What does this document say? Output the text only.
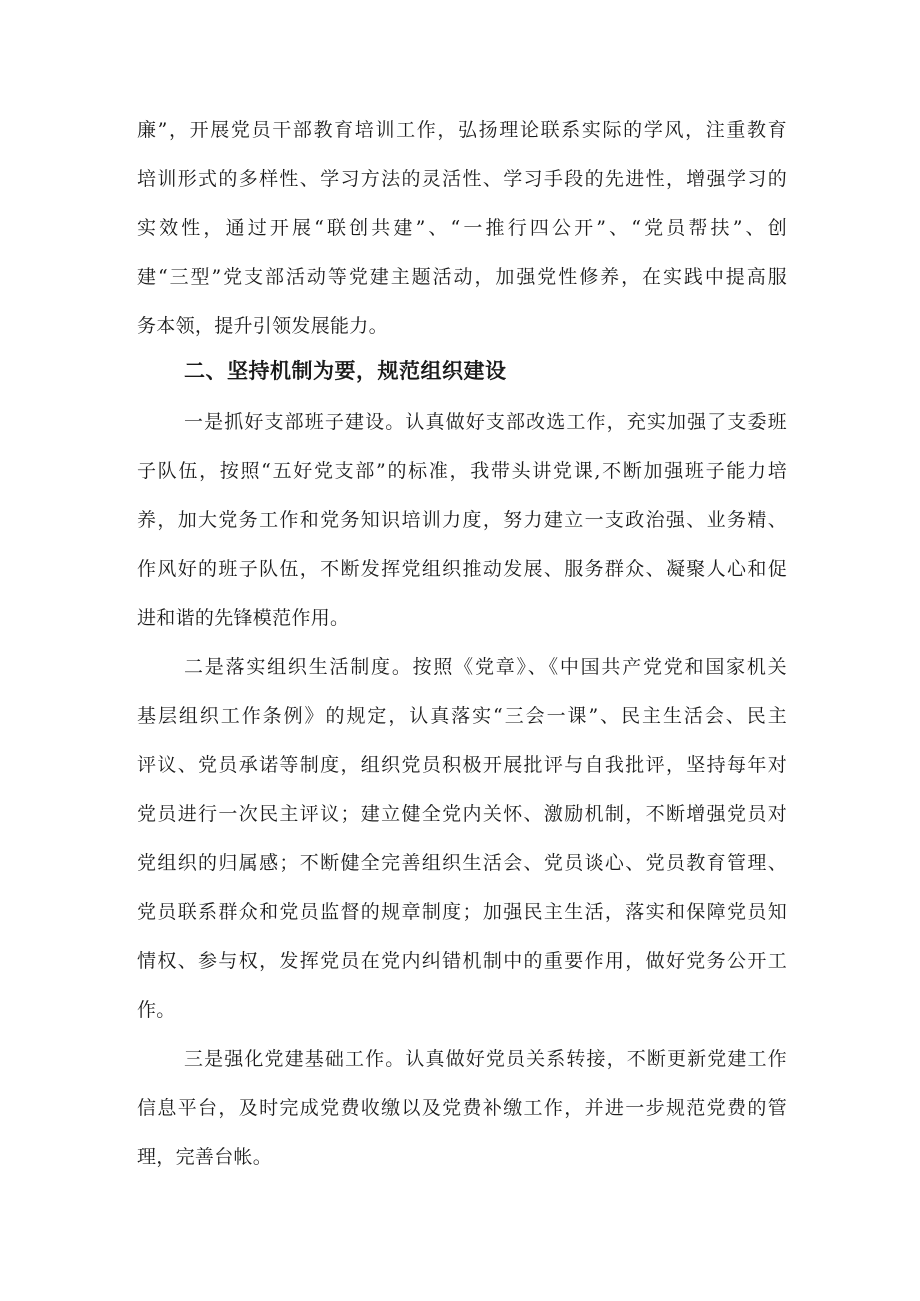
廉”，开展党员干部教育培训工作，弘扬理论联系实际的学风，注重教育
培训形式的多样性、学习方法的灵活性、学习手段的先进性，增强学习的
实效性，通过开展“联创共建”、“一推行四公开”、“党员帮扶”、创
建“三型”党支部活动等党建主题活动，加强党性修养，在实践中提高服
务本领，提升引领发展能力。
二、坚持机制为要，规范组织建设
一是抓好支部班子建设。认真做好支部改选工作，充实加强了支委班
子队伍，按照“五好党支部”的标准，我带头讲党课,不断加强班子能力培
养，加大党务工作和党务知识培训力度，努力建立一支政治强、业务精、
作风好的班子队伍，不断发挥党组织推动发展、服务群众、凝聚人心和促
进和谐的先锋模范作用。
二是落实组织生活制度。按照《党章》、《中国共产党党和国家机关
基层组织工作条例》的规定，认真落实“三会一课”、民主生活会、民主
评议、党员承诺等制度，组织党员积极开展批评与自我批评，坚持每年对
党员进行一次民主评议；建立健全党内关怀、激励机制，不断增强党员对
党组织的归属感；不断健全完善组织生活会、党员谈心、党员教育管理、
党员联系群众和党员监督的规章制度；加强民主生活，落实和保障党员知
情权、参与权，发挥党员在党内纠错机制中的重要作用，做好党务公开工
作。
三是强化党建基础工作。认真做好党员关系转接，不断更新党建工作
信息平台，及时完成党费收缴以及党费补缴工作，并进一步规范党费的管
理，完善台帐。
